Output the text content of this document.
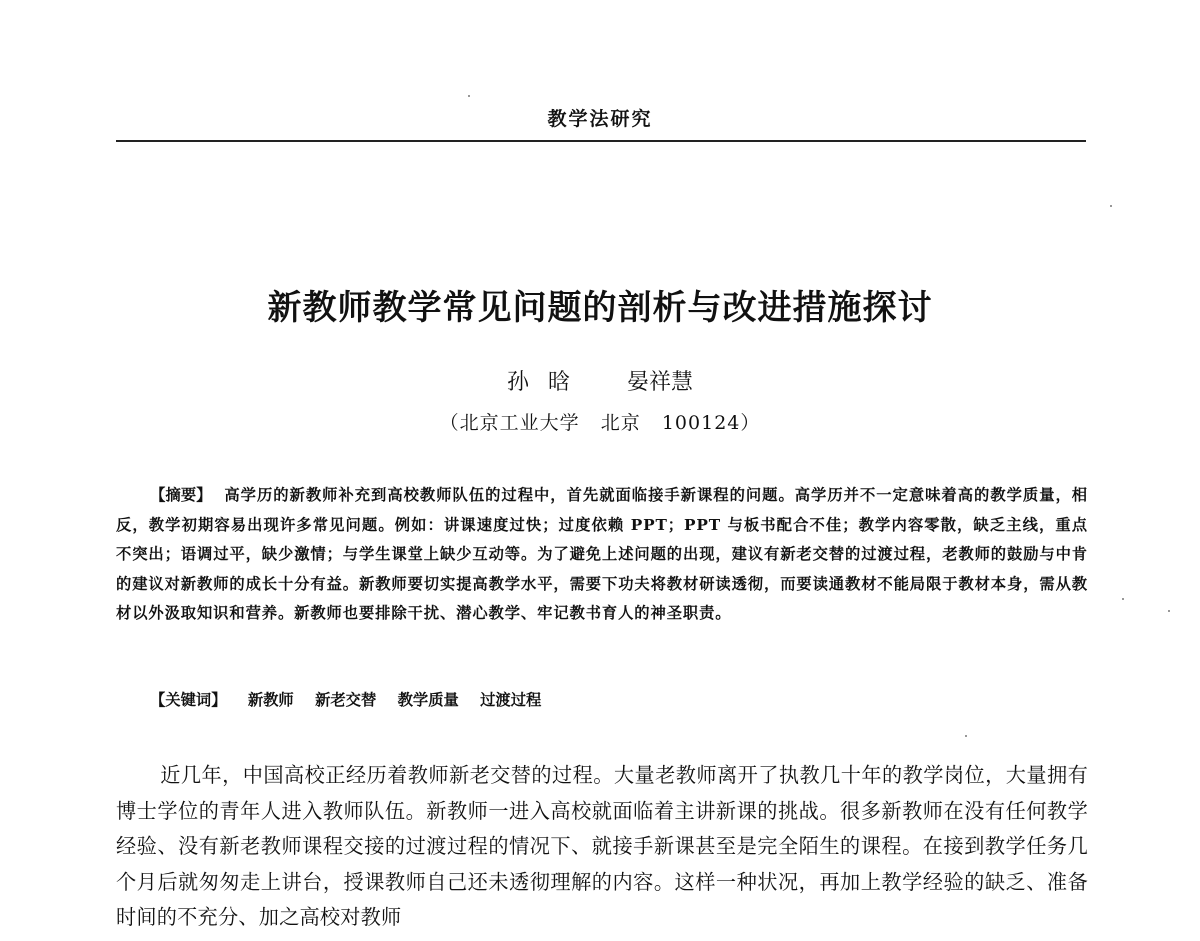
教学法研究
新教师教学常见问题的剖析与改进措施探讨
孙 晗   晏祥慧
（北京工业大学   北京   100124）
【摘要】 高学历的新教师补充到高校教师队伍的过程中，首先就面临接手新课程的问题。高学历并不一定意味着高的教学质量，相反，教学初期容易出现许多常见问题。例如：讲课速度过快；过度依赖 PPT；PPT 与板书配合不佳；教学内容零散，缺乏主线，重点不突出；语调过平，缺少激情；与学生课堂上缺少互动等。为了避免上述问题的出现，建议有新老交替的过渡过程，老教师的鼓励与中肯的建议对新教师的成长十分有益。新教师要切实提高教学水平，需要下功夫将教材研读透彻，而要读通教材不能局限于教材本身，需从教材以外汲取知识和营养。新教师也要排除干扰、潜心教学、牢记教书育人的神圣职责。
【关键词】 新教师 新老交替 教学质量 过渡过程
近几年，中国高校正经历着教师新老交替的过程。大量老教师离开了执教几十年的教学岗位，大量拥有博士学位的青年人进入教师队伍。新教师一进入高校就面临着主讲新课的挑战。很多新教师在没有任何教学经验、没有新老教师课程交接的过渡过程的情况下、就接手新课甚至是完全陌生的课程。在接到教学任务几个月后就匆匆走上讲台，授课教师自己还未透彻理解的内容。这样一种状况，再加上教学经验的缺乏、准备时间的不充分、加之高校对教师
